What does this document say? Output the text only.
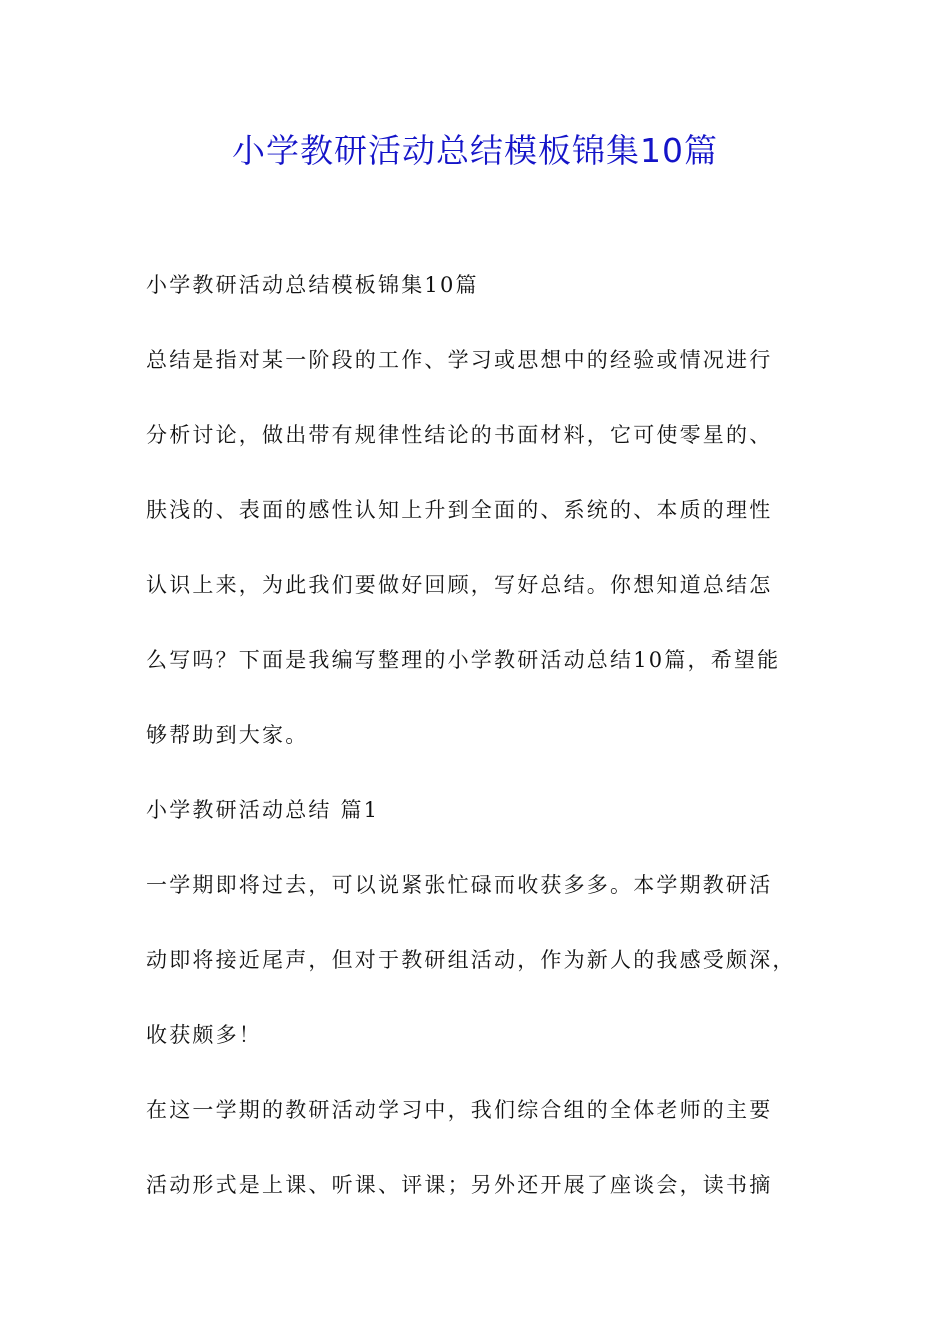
小学教研活动总结模板锦集10篇
小学教研活动总结模板锦集10篇
总结是指对某一阶段的工作、学习或思想中的经验或情况进行
分析讨论，做出带有规律性结论的书面材料，它可使零星的、
肤浅的、表面的感性认知上升到全面的、系统的、本质的理性
认识上来，为此我们要做好回顾，写好总结。你想知道总结怎
么写吗？下面是我编写整理的小学教研活动总结10篇，希望能
够帮助到大家。
小学教研活动总结 篇1
一学期即将过去，可以说紧张忙碌而收获多多。本学期教研活
动即将接近尾声，但对于教研组活动，作为新人的我感受颇深，
收获颇多！
在这一学期的教研活动学习中，我们综合组的全体老师的主要
活动形式是上课、听课、评课；另外还开展了座谈会，读书摘
